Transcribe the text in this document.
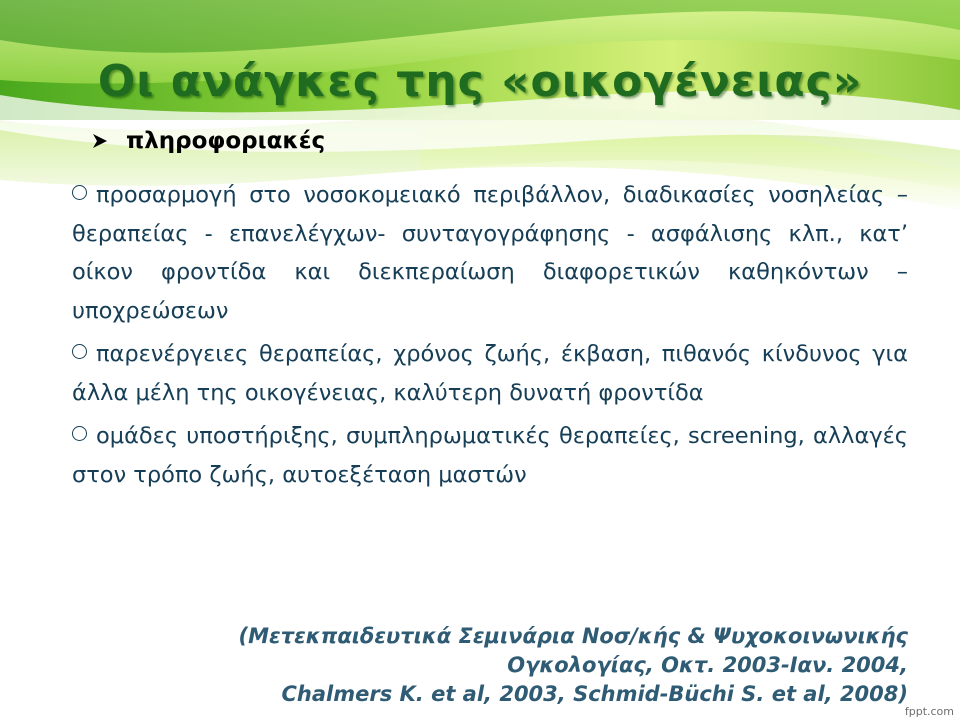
Οι ανάγκες της «οικογένειας»
πληροφοριακές
προσαρμογή στο νοσοκομειακό περιβάλλον, διαδικασίες νοσηλείας – θεραπείας - επανελέγχων- συνταγογράφησης - ασφάλισης κλπ., κατ’ οίκον φροντίδα και διεκπεραίωση διαφορετικών καθηκόντων – υποχρεώσεων
παρενέργειες θεραπείας, χρόνος ζωής, έκβαση, πιθανός κίνδυνος για άλλα μέλη της οικογένειας, καλύτερη δυνατή φροντίδα
ομάδες υποστήριξης, συμπληρωματικές θεραπείες, screening, αλλαγές στον τρόπο ζωής, αυτοεξέταση μαστών
(Μετεκπαιδευτικά Σεμινάρια Νοσ/κής & Ψυχοκοινωνικής
Ογκολογίας, Οκτ. 2003-Ιαν. 2004,
Chalmers K. et al, 2003, Schmid-Büchi S. et al, 2008)
fppt.com
